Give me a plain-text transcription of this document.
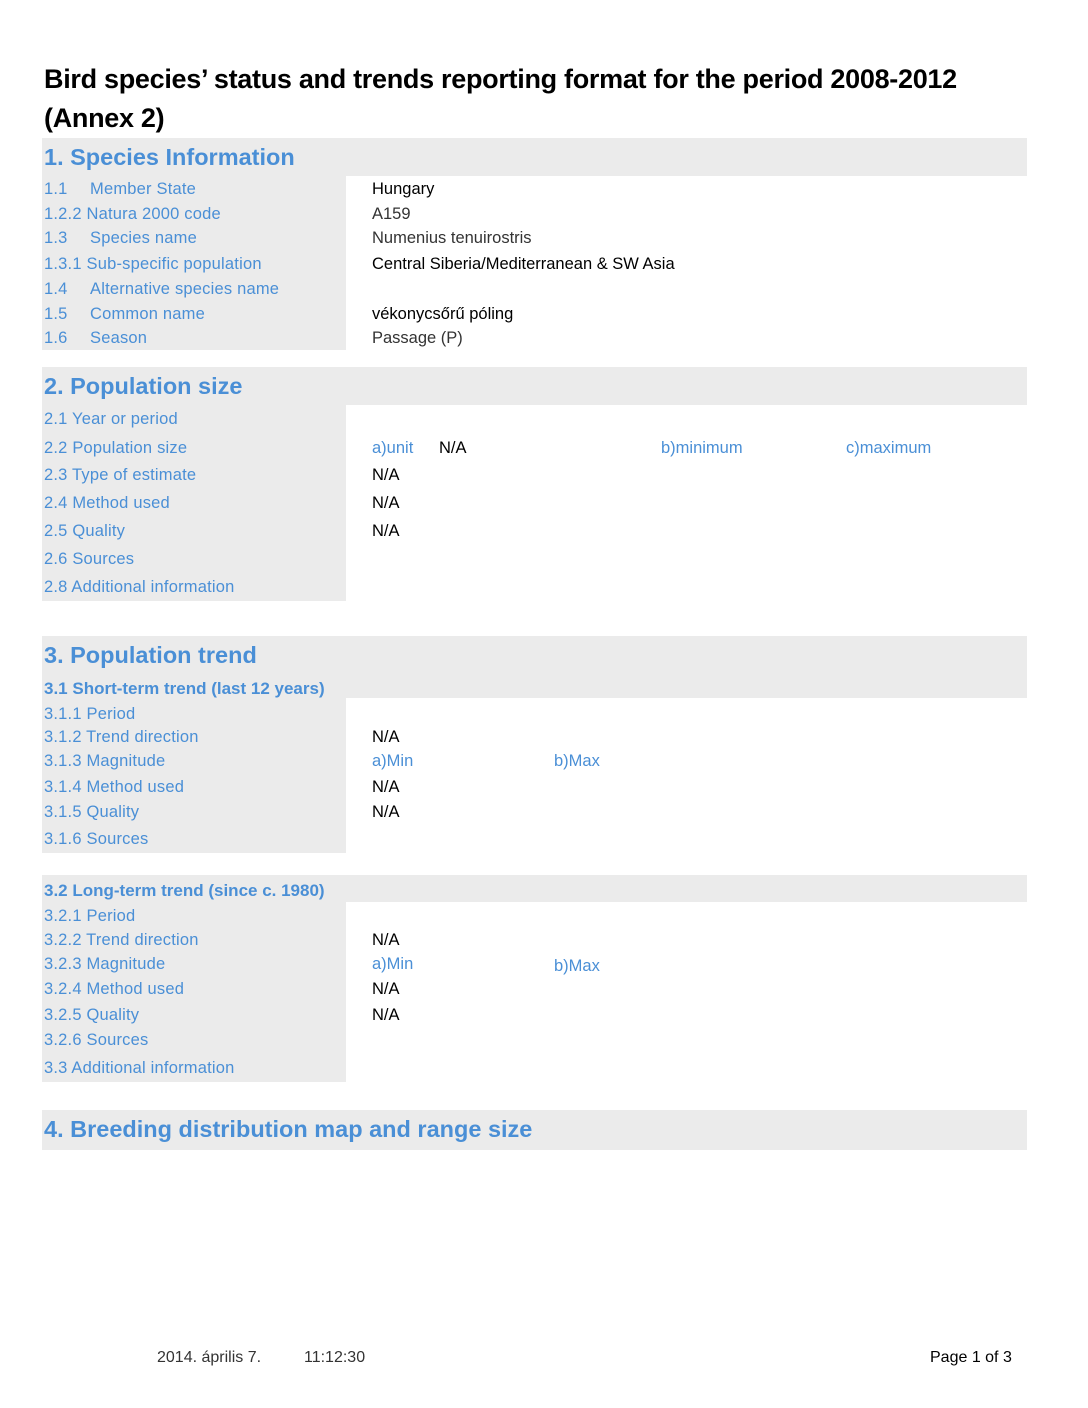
Bird species’ status and trends reporting format for the period 2008-2012
(Annex 2)
1. Species Information
1.1 Member State	Hungary
1.2.2 Natura 2000 code	A159
1.3 Species name	Numenius tenuirostris
1.3.1 Sub-specific population	Central Siberia/Mediterranean & SW Asia
1.4 Alternative species name
1.5 Common name	vékonycsőrű póling
1.6 Season	Passage (P)
2. Population size
2.1 Year or period
2.2 Population size	a)unit N/A	b)minimum	c)maximum
2.3 Type of estimate	N/A
2.4 Method used	N/A
2.5 Quality	N/A
2.6 Sources
2.8 Additional information
3. Population trend
3.1 Short-term trend (last 12 years)
3.1.1 Period
3.1.2 Trend direction	N/A
3.1.3 Magnitude	a)Min	b)Max
3.1.4 Method used	N/A
3.1.5 Quality	N/A
3.1.6 Sources
3.2 Long-term trend (since c. 1980)
3.2.1 Period
3.2.2 Trend direction	N/A
3.2.3 Magnitude	a)Min	b)Max
3.2.4 Method used	N/A
3.2.5 Quality	N/A
3.2.6 Sources
3.3 Additional information
4. Breeding distribution map and range size
2014. április 7.	11:12:30	Page 1 of 3
